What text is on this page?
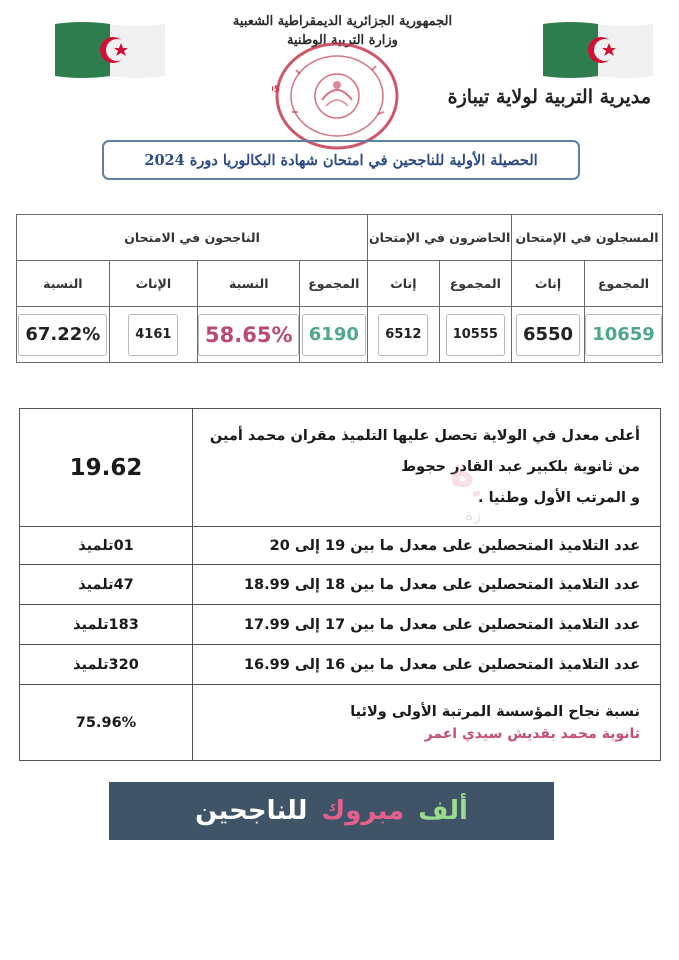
الجمهورية الجزائرية الديمقراطية الشعبية
وزارة التربية الوطنية
5	مديرية التربية لولاية تيبازة
الحصيلة الأولية للناجحين في امتحان شهادة البكالوريا دورة 2024
المسجلون في الإمتحان		الحاضرون في الإمتحان		الناجحون في الامتحان			
المجموع	إناث	المجموع	إناث	المجموع	النسبة	الإناث	النسبة
10659	6550	10555	6512	6190	58.65%	4161	67.22%
أعلى معدل في الولاية تحصل عليها التلميذ مقران محمد أمين
من ثانوية بلكبير عبد القادر حجوط
و المرتب الأول وطنيا .	19.62
عدد التلاميذ المتحصلين على معدل ما بين 19 إلى 20	01تلميذ
عدد التلاميذ المتحصلين على معدل ما بين 18 إلى 18.99	47تلميذ
عدد التلاميذ المتحصلين على معدل ما بين 17 إلى 17.99	183تلميذ
عدد التلاميذ المتحصلين على معدل ما بين 16 إلى 16.99	320تلميذ

نسبة نجاح المؤسسة المرتبة الأولى ولائيا
ثانوية محمد بقديش سيدي اعمر	75.96%
ة
زة
ألف
مبروك
للناجحين
